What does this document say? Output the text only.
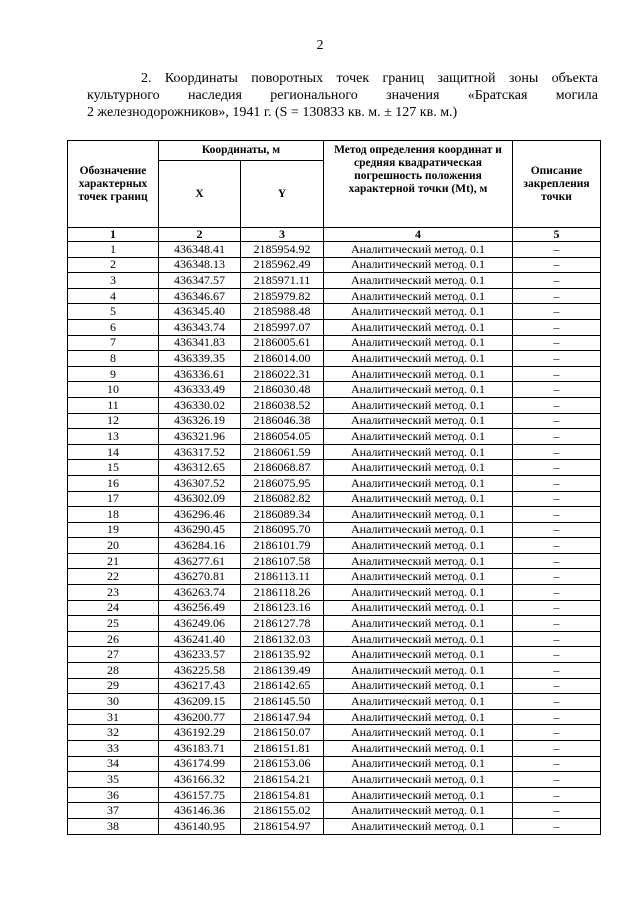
2
2. Координаты поворотных точек границ защитной зоны объекта
культурного наследия регионального значения «Братская могила
2 железнодорожников», 1941 г. (S = 130833 кв. м. ± 127 кв. м.)
Обозначение характерных точек границ	Координаты, м		Метод определения координат и средняя квадратическая погрешность положения характерной точки (Mt), м	Описание закрепления точки
	X	Y		
1	2	3	4	5
1	436348.41	2185954.92	Аналитический метод. 0.1	–
2	436348.13	2185962.49	Аналитический метод. 0.1	–
3	436347.57	2185971.11	Аналитический метод. 0.1	–
4	436346.67	2185979.82	Аналитический метод. 0.1	–
5	436345.40	2185988.48	Аналитический метод. 0.1	–
6	436343.74	2185997.07	Аналитический метод. 0.1	–
7	436341.83	2186005.61	Аналитический метод. 0.1	–
8	436339.35	2186014.00	Аналитический метод. 0.1	–
9	436336.61	2186022.31	Аналитический метод. 0.1	–
10	436333.49	2186030.48	Аналитический метод. 0.1	–
11	436330.02	2186038.52	Аналитический метод. 0.1	–
12	436326.19	2186046.38	Аналитический метод. 0.1	–
13	436321.96	2186054.05	Аналитический метод. 0.1	–
14	436317.52	2186061.59	Аналитический метод. 0.1	–
15	436312.65	2186068.87	Аналитический метод. 0.1	–
16	436307.52	2186075.95	Аналитический метод. 0.1	–
17	436302.09	2186082.82	Аналитический метод. 0.1	–
18	436296.46	2186089.34	Аналитический метод. 0.1	–
19	436290.45	2186095.70	Аналитический метод. 0.1	–
20	436284.16	2186101.79	Аналитический метод. 0.1	–
21	436277.61	2186107.58	Аналитический метод. 0.1	–
22	436270.81	2186113.11	Аналитический метод. 0.1	–
23	436263.74	2186118.26	Аналитический метод. 0.1	–
24	436256.49	2186123.16	Аналитический метод. 0.1	–
25	436249.06	2186127.78	Аналитический метод. 0.1	–
26	436241.40	2186132.03	Аналитический метод. 0.1	–
27	436233.57	2186135.92	Аналитический метод. 0.1	–
28	436225.58	2186139.49	Аналитический метод. 0.1	–
29	436217.43	2186142.65	Аналитический метод. 0.1	–
30	436209.15	2186145.50	Аналитический метод. 0.1	–
31	436200.77	2186147.94	Аналитический метод. 0.1	–
32	436192.29	2186150.07	Аналитический метод. 0.1	–
33	436183.71	2186151.81	Аналитический метод. 0.1	–
34	436174.99	2186153.06	Аналитический метод. 0.1	–
35	436166.32	2186154.21	Аналитический метод. 0.1	–
36	436157.75	2186154.81	Аналитический метод. 0.1	–
37	436146.36	2186155.02	Аналитический метод. 0.1	–
38	436140.95	2186154.97	Аналитический метод. 0.1	–
